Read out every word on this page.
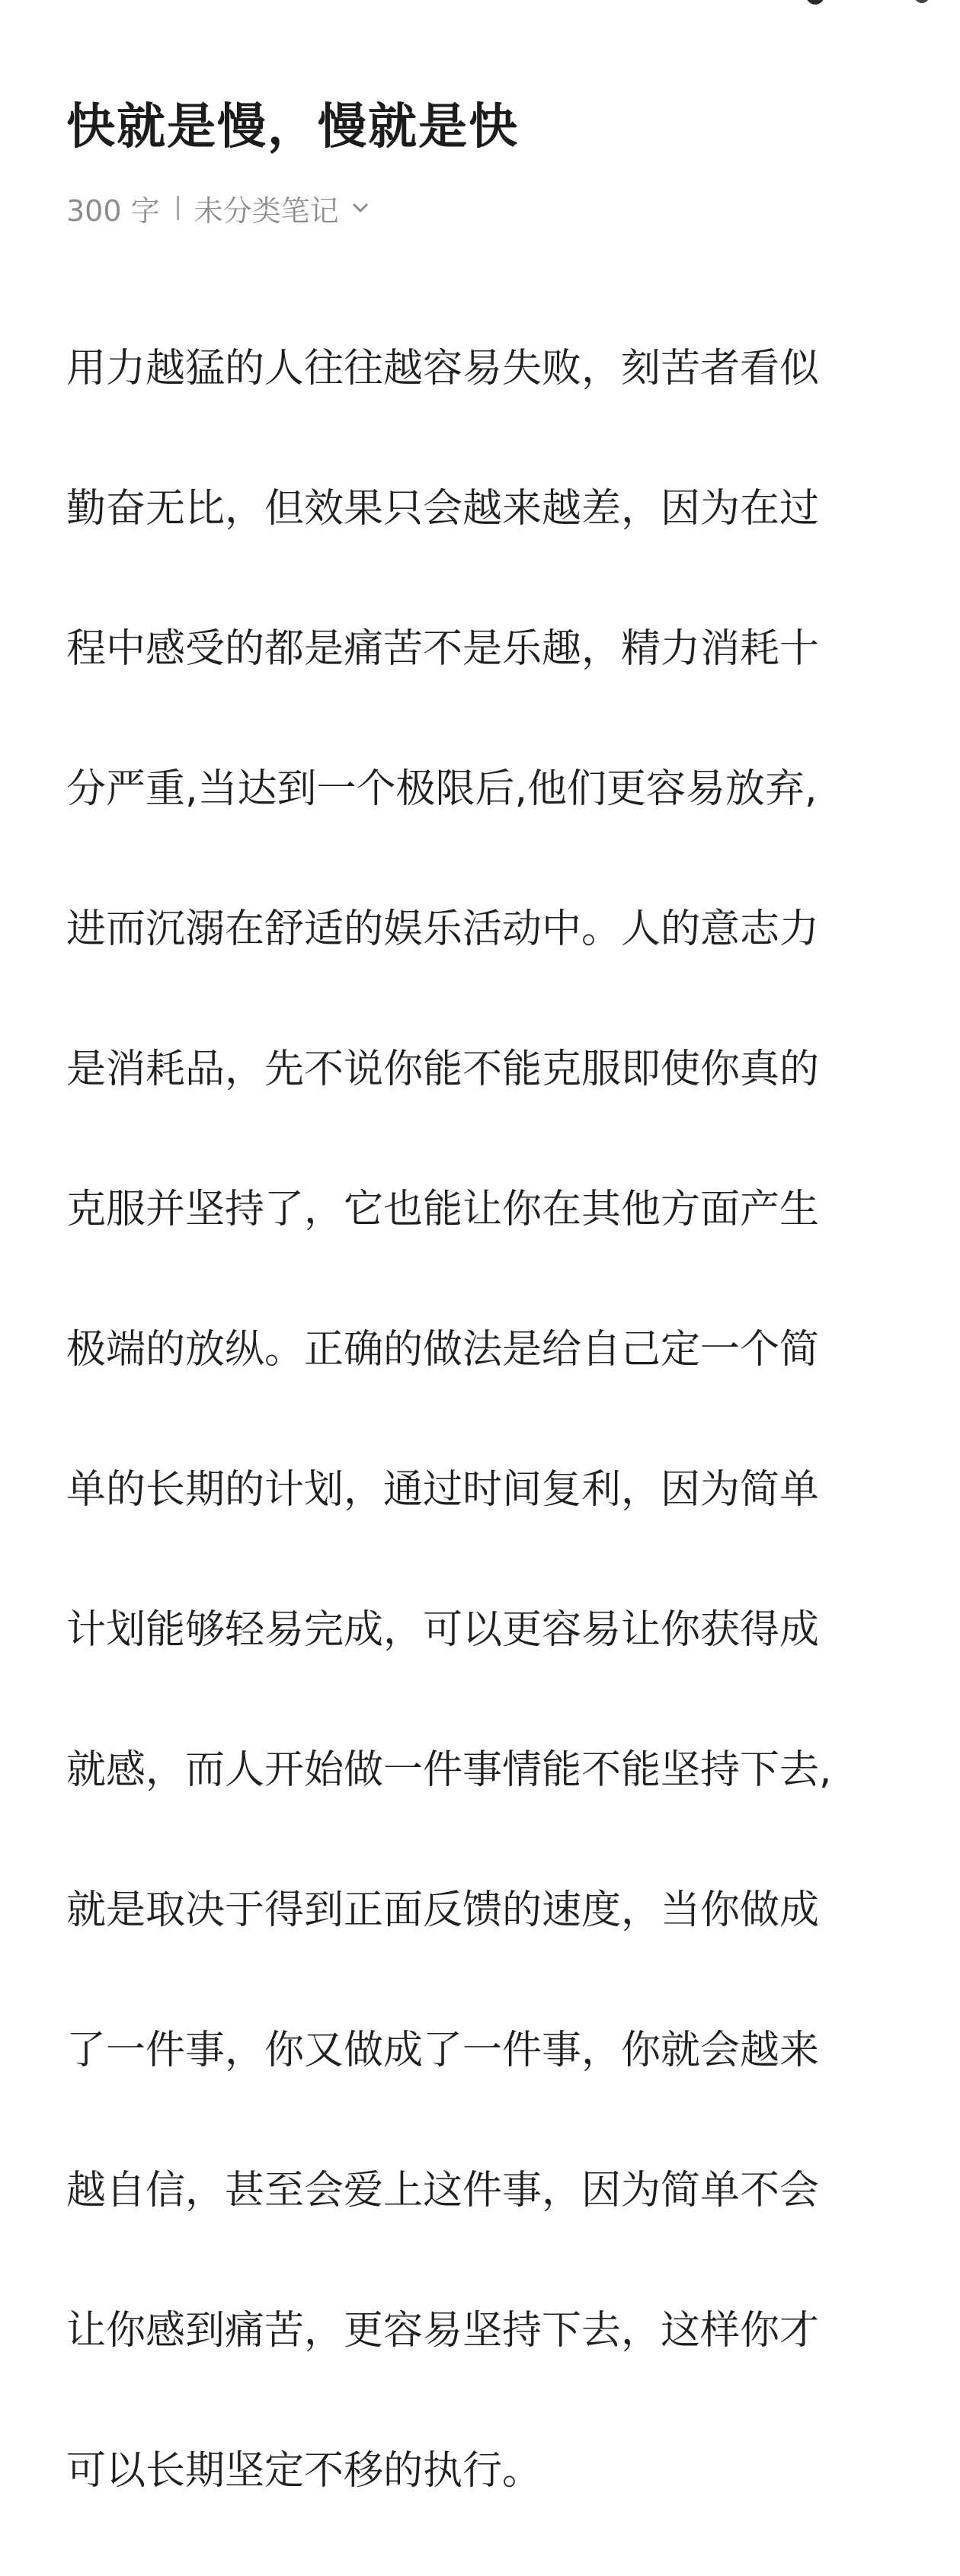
快就是慢，慢就是快
300 字 未分类笔记

用力越猛的人往往越容易失败，刻苦者看似

勤奋无比，但效果只会越来越差，因为在过

程中感受的都是痛苦不是乐趣，精力消耗十

分严重,当达到一个极限后,他们更容易放弃,

进而沉溺在舒适的娱乐活动中。人的意志力

是消耗品，先不说你能不能克服即使你真的

克服并坚持了，它也能让你在其他方面产生

极端的放纵。正确的做法是给自己定一个简

单的长期的计划，通过时间复利，因为简单

计划能够轻易完成，可以更容易让你获得成

就感，而人开始做一件事情能不能坚持下去,

就是取决于得到正面反馈的速度，当你做成

了一件事，你又做成了一件事，你就会越来

越自信，甚至会爱上这件事，因为简单不会

让你感到痛苦，更容易坚持下去，这样你才

可以长期坚定不移的执行。
